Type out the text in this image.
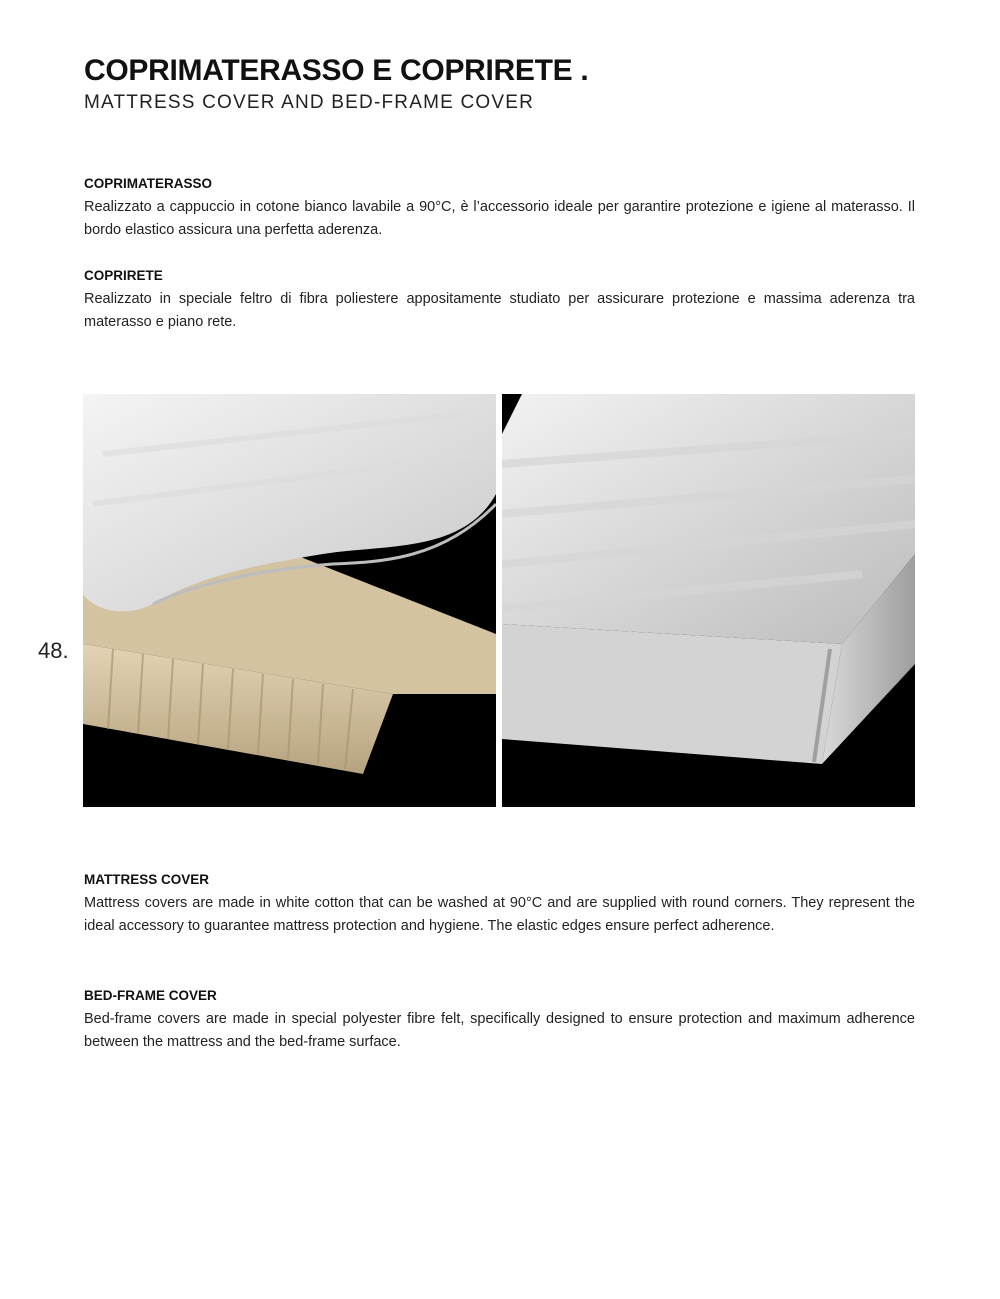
COPRIMATERASSO E COPRIRETE .
MATTRESS COVER AND BED-FRAME COVER
COPRIMATERASSO

Realizzato a cappuccio in cotone bianco lavabile a 90°C, è l’accessorio ideale per garantire protezione e igiene al materasso. Il bordo elastico assicura una perfetta aderenza.

COPRIRETE

Realizzato in speciale feltro di fibra poliestere appositamente studiato per assicurare protezione e massima aderenza tra materasso e piano rete.

48.
MATTRESS COVER

Mattress covers are made in white cotton that can be washed at 90°C and are supplied with round corners. They represent the ideal accessory to guarantee mattress protection and hygiene. The elastic edges ensure perfect adherence.

BED-FRAME COVER

Bed-frame covers are made in special polyester fibre felt, specifically designed to ensure protection and maximum adherence between the mattress and the bed-frame surface.
